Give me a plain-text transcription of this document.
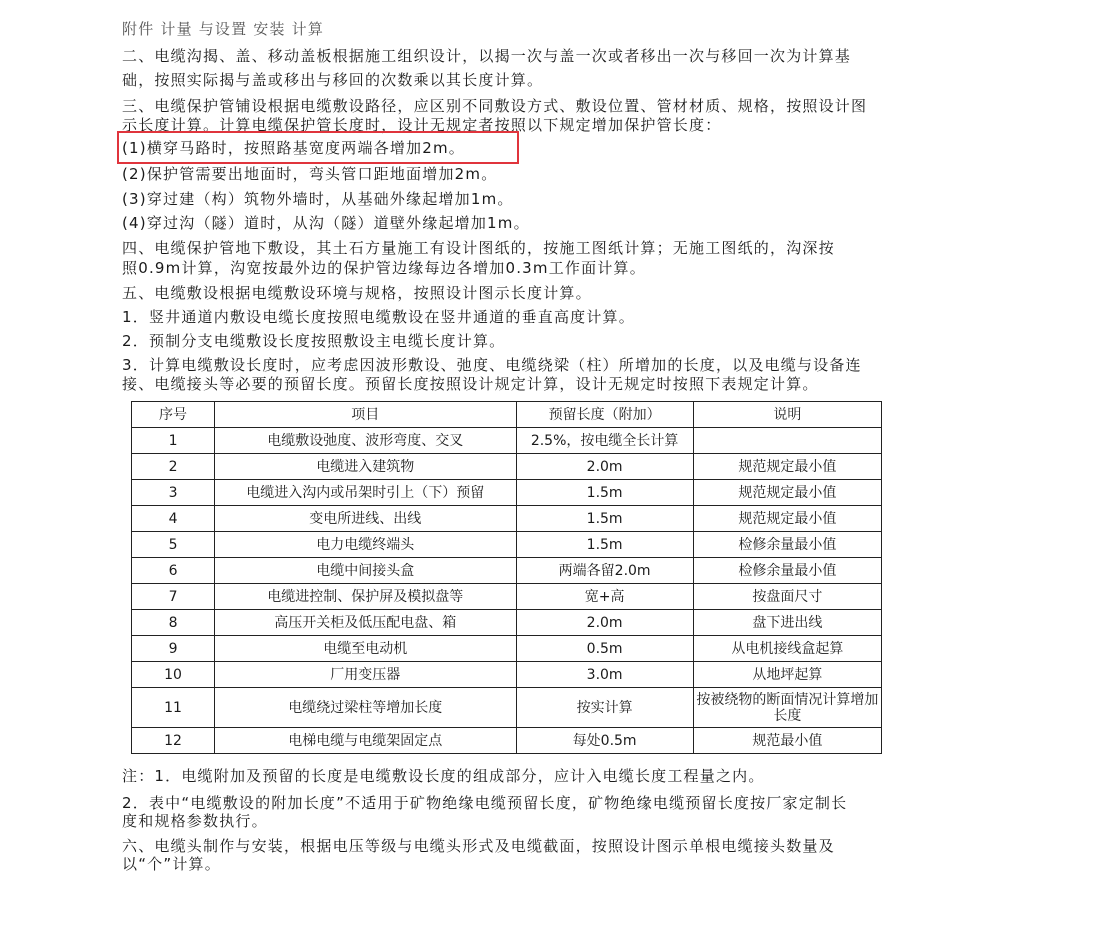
附件 计量 与设置 安装 计算
二、电缆沟揭、盖、移动盖板根据施工组织设计，以揭一次与盖一次或者移出一次与移回一次为计算基
础，按照实际揭与盖或移出与移回的次数乘以其长度计算。
三、电缆保护管铺设根据电缆敷设路径，应区别不同敷设方式、敷设位置、管材材质、规格，按照设计图
示长度计算。计算电缆保护管长度时，设计无规定者按照以下规定增加保护管长度：
(1)横穿马路时，按照路基宽度两端各增加2m。
(2)保护管需要出地面时，弯头管口距地面增加2m。
(3)穿过建（构）筑物外墙时，从基础外缘起增加1m。
(4)穿过沟（隧）道时，从沟（隧）道壁外缘起增加1m。
四、电缆保护管地下敷设，其土石方量施工有设计图纸的，按施工图纸计算；无施工图纸的，沟深按
照0.9m计算，沟宽按最外边的保护管边缘每边各增加0.3m工作面计算。
五、电缆敷设根据电缆敷设环境与规格，按照设计图示长度计算。
1．竖井通道内敷设电缆长度按照电缆敷设在竖井通道的垂直高度计算。
2．预制分支电缆敷设长度按照敷设主电缆长度计算。
3．计算电缆敷设长度时，应考虑因波形敷设、弛度、电缆绕梁（柱）所增加的长度，以及电缆与设备连
接、电缆接头等必要的预留长度。预留长度按照设计规定计算，设计无规定时按照下表规定计算。
序号	项目	预留长度（附加）	说明
1	电缆敷设弛度、波形弯度、交叉	2.5%，按电缆全长计算	
2	电缆进入建筑物	2.0m	规范规定最小值
3	电缆进入沟内或吊架时引上（下）预留	1.5m	规范规定最小值
4	变电所进线、出线	1.5m	规范规定最小值
5	电力电缆终端头	1.5m	检修余量最小值
6	电缆中间接头盒	两端各留2.0m	检修余量最小值
7	电缆进控制、保护屏及模拟盘等	宽+高	按盘面尺寸
8	高压开关柜及低压配电盘、箱	2.0m	盘下进出线
9	电缆至电动机	0.5m	从电机接线盒起算
10	厂用变压器	3.0m	从地坪起算
11	电缆绕过梁柱等增加长度	按实计算	按被绕物的断面情况计算增加长度
12	电梯电缆与电缆架固定点	每处0.5m	规范最小值
注：1．电缆附加及预留的长度是电缆敷设长度的组成部分，应计入电缆长度工程量之内。
2．表中“电缆敷设的附加长度”不适用于矿物绝缘电缆预留长度，矿物绝缘电缆预留长度按厂家定制长
度和规格参数执行。
六、电缆头制作与安装，根据电压等级与电缆头形式及电缆截面，按照设计图示单根电缆接头数量及
以“个”计算。
